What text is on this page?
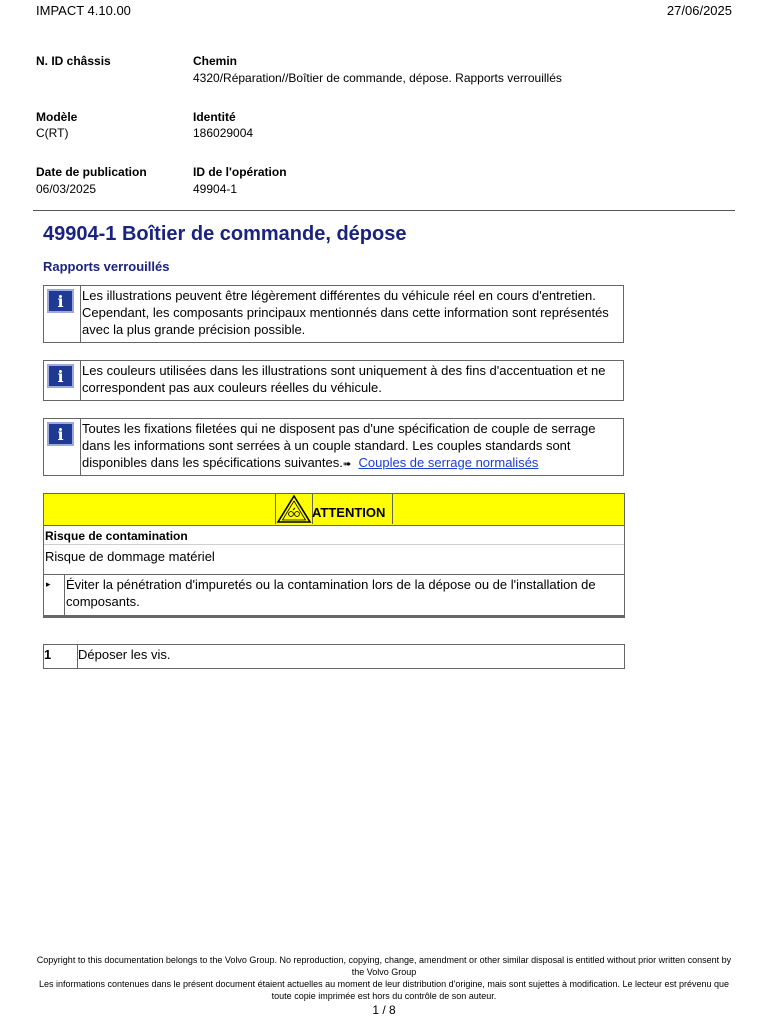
IMPACT 4.10.00	27/06/2025
N. ID châssis	Chemin
4320/Réparation//Boîtier de commande, dépose. Rapports verrouillés
Modèle
C(RT)
Identité
186029004
Date de publication
06/03/2025
ID de l'opération
49904-1
49904-1 Boîtier de commande, dépose
Rapports verrouillés
i	Les illustrations peuvent être légèrement différentes du véhicule réel en cours d'entretien.
Cependant, les composants principaux mentionnés dans cette information sont représentés
avec la plus grande précision possible.
i	Les couleurs utilisées dans les illustrations sont uniquement à des fins d'accentuation et ne
correspondent pas aux couleurs réelles du véhicule.
i	Toutes les fixations filetées qui ne disposent pas d'une spécification de couple de serrage
dans les informations sont serrées à un couple standard. Les couples standards sont
disponibles dans les spécifications suivantes.➠ Couples de serrage normalisés
ATTENTION
Risque de contamination
Risque de dommage matériel
▸	Éviter la pénétration d'impuretés ou la contamination lors de la dépose ou de l'installation de composants.
1	Déposer les vis.
Copyright to this documentation belongs to the Volvo Group. No reproduction, copying, change, amendment or other similar disposal is entitled without prior written consent by
the Volvo Group
Les informations contenues dans le présent document étaient actuelles au moment de leur distribution d'origine, mais sont sujettes à modification. Le lecteur est prévenu que
toute copie imprimée est hors du contrôle de son auteur.
1 / 8
